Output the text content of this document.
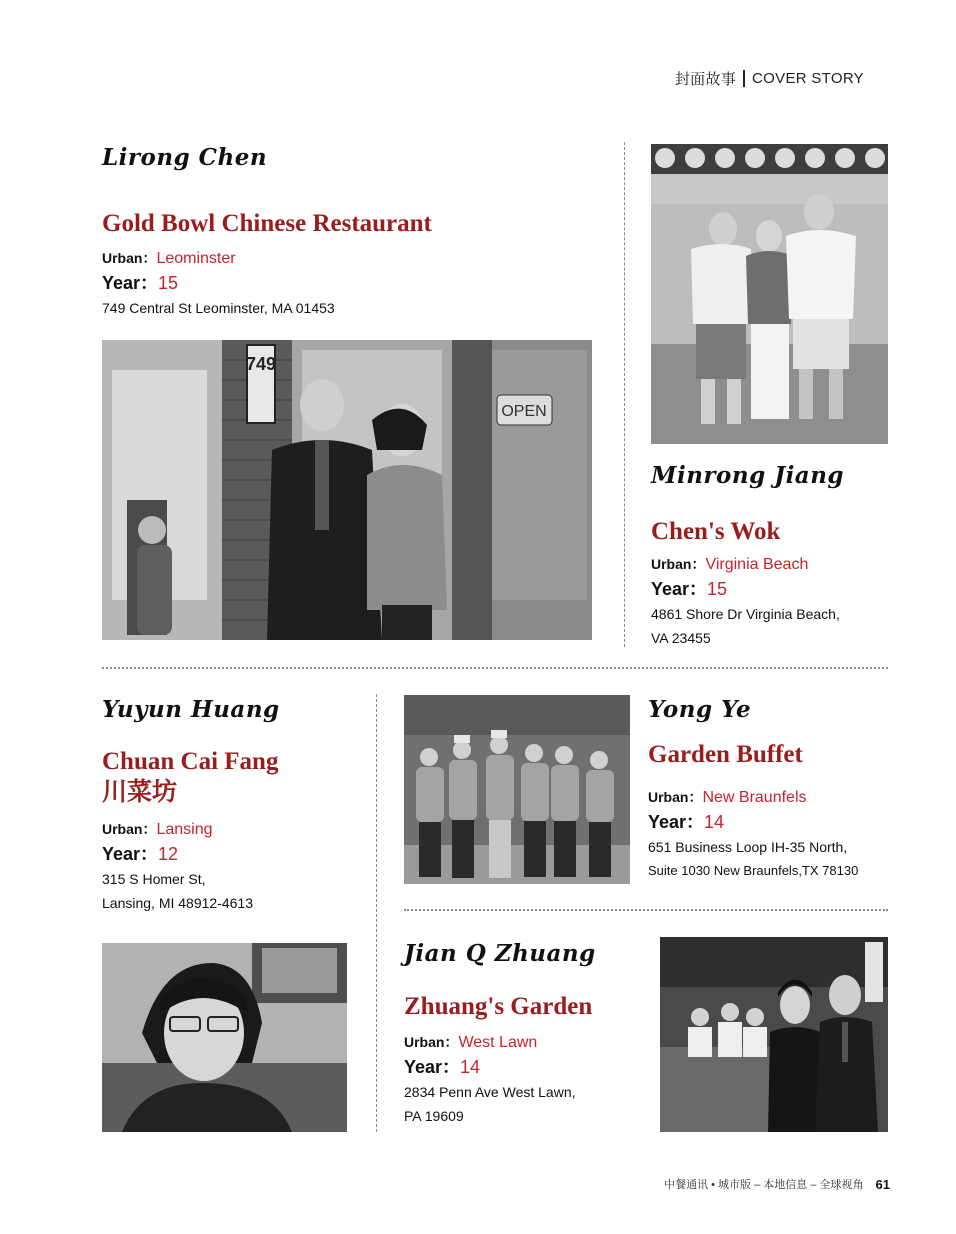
封面故事 COVER STORY
Lirong Chen
Gold Bowl Chinese Restaurant
Urban：Leominster
Year：15
749 Central St Leominster, MA 01453
749
OPEN
Minrong Jiang
Chen's Wok
Urban：Virginia Beach
Year：15
4861 Shore Dr Virginia Beach,
VA 23455
Yuyun Huang
Chuan Cai Fang
川菜坊
Urban：Lansing
Year：12
315 S Homer St,
Lansing, MI 48912-4613
Yong Ye
Garden Buffet
Urban：New Braunfels
Year：14
651 Business Loop IH-35 North,
Suite 1030 New Braunfels,TX 78130
Jian Q Zhuang
Zhuang's Garden
Urban：West Lawn
Year：14
2834 Penn Ave West Lawn,
PA 19609
中餐通讯 • 城市版 – 本地信息 – 全球视角 61
